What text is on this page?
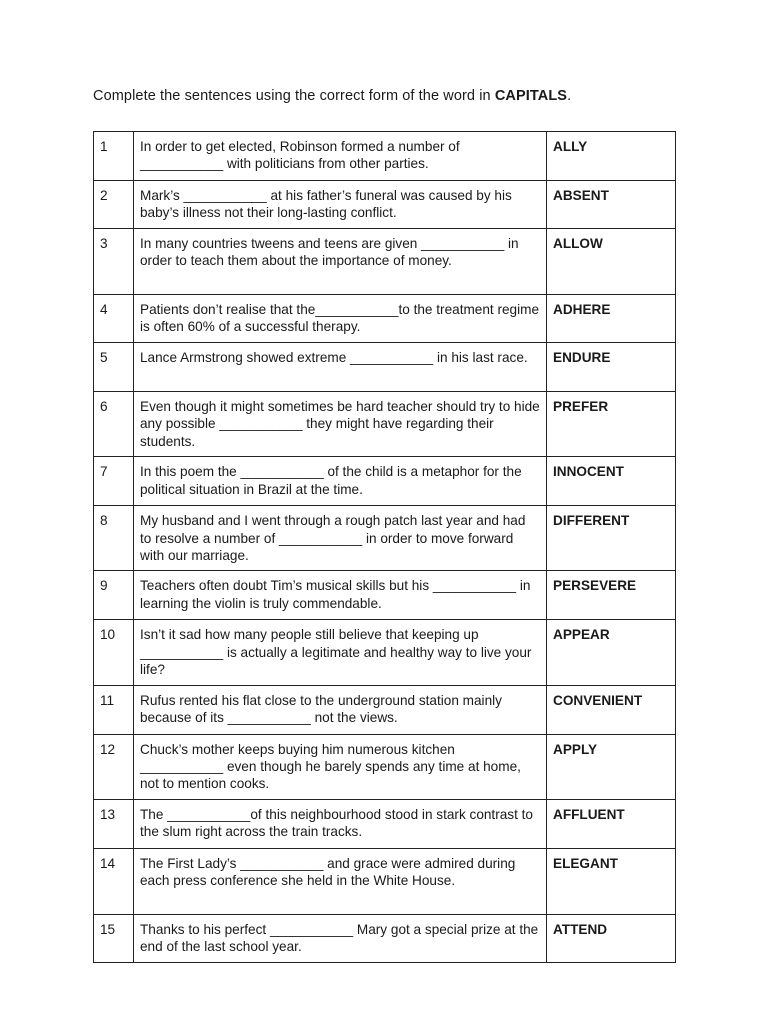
Complete the sentences using the correct form of the word in CAPITALS.
1	In order to get elected, Robinson formed a number of ___________ with politicians from other parties.	ALLY
2	Mark’s ___________ at his father’s funeral was caused by his baby’s illness not their long-lasting conflict.	ABSENT
3	In many countries tweens and teens are given ___________ in order to teach them about the importance of money.	ALLOW
4	Patients don’t realise that the___________to the treatment regime is often 60% of a successful therapy.	ADHERE
5	Lance Armstrong showed extreme ___________ in his last race.	ENDURE
6	Even though it might sometimes be hard teacher should try to hide any possible ___________ they might have regarding their students.	PREFER
7	In this poem the ___________ of the child is a metaphor for the political situation in Brazil at the time.	INNOCENT
8	My husband and I went through a rough patch last year and had to resolve a number of ___________ in order to move forward with our marriage.	DIFFERENT
9	Teachers often doubt Tim’s musical skills but his ___________ in learning the violin is truly commendable.	PERSEVERE
10	Isn’t it sad how many people still believe that keeping up ___________ is actually a legitimate and healthy way to live your life?	APPEAR
11	Rufus rented his flat close to the underground station mainly because of its ___________ not the views.	CONVENIENT
12	Chuck’s mother keeps buying him numerous kitchen ___________ even though he barely spends any time at home, not to mention cooks.	APPLY
13	The ___________of this neighbourhood stood in stark contrast to the slum right across the train tracks.	AFFLUENT
14	The First Lady’s ___________ and grace were admired during each press conference she held in the White House.	ELEGANT
15	Thanks to his perfect ___________ Mary got a special prize at the end of the last school year.	ATTEND
